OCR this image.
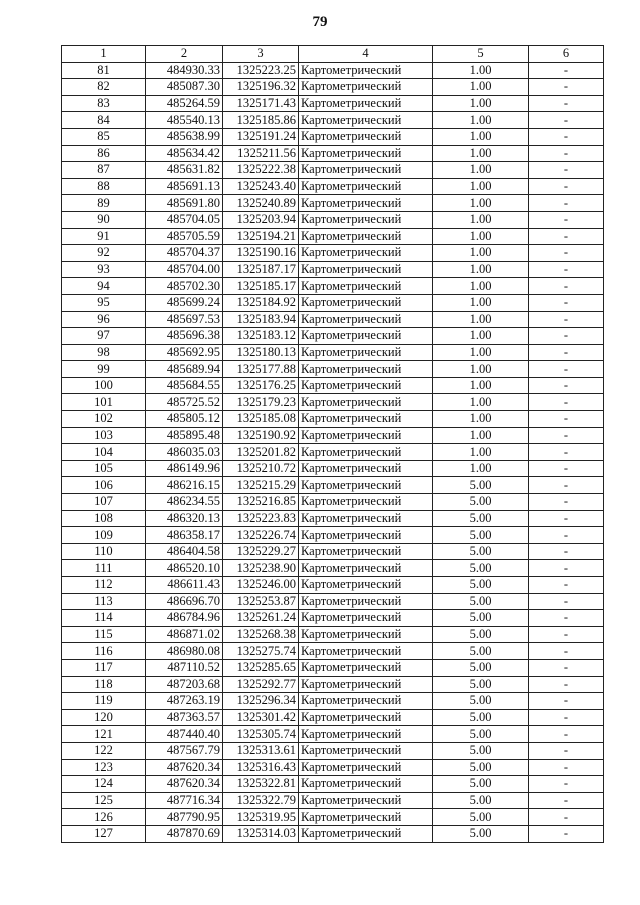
79
1	2	3	4	5	6
81	484930.33	1325223.25	Картометрический	1.00	-
82	485087.30	1325196.32	Картометрический	1.00	-
83	485264.59	1325171.43	Картометрический	1.00	-
84	485540.13	1325185.86	Картометрический	1.00	-
85	485638.99	1325191.24	Картометрический	1.00	-
86	485634.42	1325211.56	Картометрический	1.00	-
87	485631.82	1325222.38	Картометрический	1.00	-
88	485691.13	1325243.40	Картометрический	1.00	-
89	485691.80	1325240.89	Картометрический	1.00	-
90	485704.05	1325203.94	Картометрический	1.00	-
91	485705.59	1325194.21	Картометрический	1.00	-
92	485704.37	1325190.16	Картометрический	1.00	-
93	485704.00	1325187.17	Картометрический	1.00	-
94	485702.30	1325185.17	Картометрический	1.00	-
95	485699.24	1325184.92	Картометрический	1.00	-
96	485697.53	1325183.94	Картометрический	1.00	-
97	485696.38	1325183.12	Картометрический	1.00	-
98	485692.95	1325180.13	Картометрический	1.00	-
99	485689.94	1325177.88	Картометрический	1.00	-
100	485684.55	1325176.25	Картометрический	1.00	-
101	485725.52	1325179.23	Картометрический	1.00	-
102	485805.12	1325185.08	Картометрический	1.00	-
103	485895.48	1325190.92	Картометрический	1.00	-
104	486035.03	1325201.82	Картометрический	1.00	-
105	486149.96	1325210.72	Картометрический	1.00	-
106	486216.15	1325215.29	Картометрический	5.00	-
107	486234.55	1325216.85	Картометрический	5.00	-
108	486320.13	1325223.83	Картометрический	5.00	-
109	486358.17	1325226.74	Картометрический	5.00	-
110	486404.58	1325229.27	Картометрический	5.00	-
111	486520.10	1325238.90	Картометрический	5.00	-
112	486611.43	1325246.00	Картометрический	5.00	-
113	486696.70	1325253.87	Картометрический	5.00	-
114	486784.96	1325261.24	Картометрический	5.00	-
115	486871.02	1325268.38	Картометрический	5.00	-
116	486980.08	1325275.74	Картометрический	5.00	-
117	487110.52	1325285.65	Картометрический	5.00	-
118	487203.68	1325292.77	Картометрический	5.00	-
119	487263.19	1325296.34	Картометрический	5.00	-
120	487363.57	1325301.42	Картометрический	5.00	-
121	487440.40	1325305.74	Картометрический	5.00	-
122	487567.79	1325313.61	Картометрический	5.00	-
123	487620.34	1325316.43	Картометрический	5.00	-
124	487620.34	1325322.81	Картометрический	5.00	-
125	487716.34	1325322.79	Картометрический	5.00	-
126	487790.95	1325319.95	Картометрический	5.00	-
127	487870.69	1325314.03	Картометрический	5.00	-
